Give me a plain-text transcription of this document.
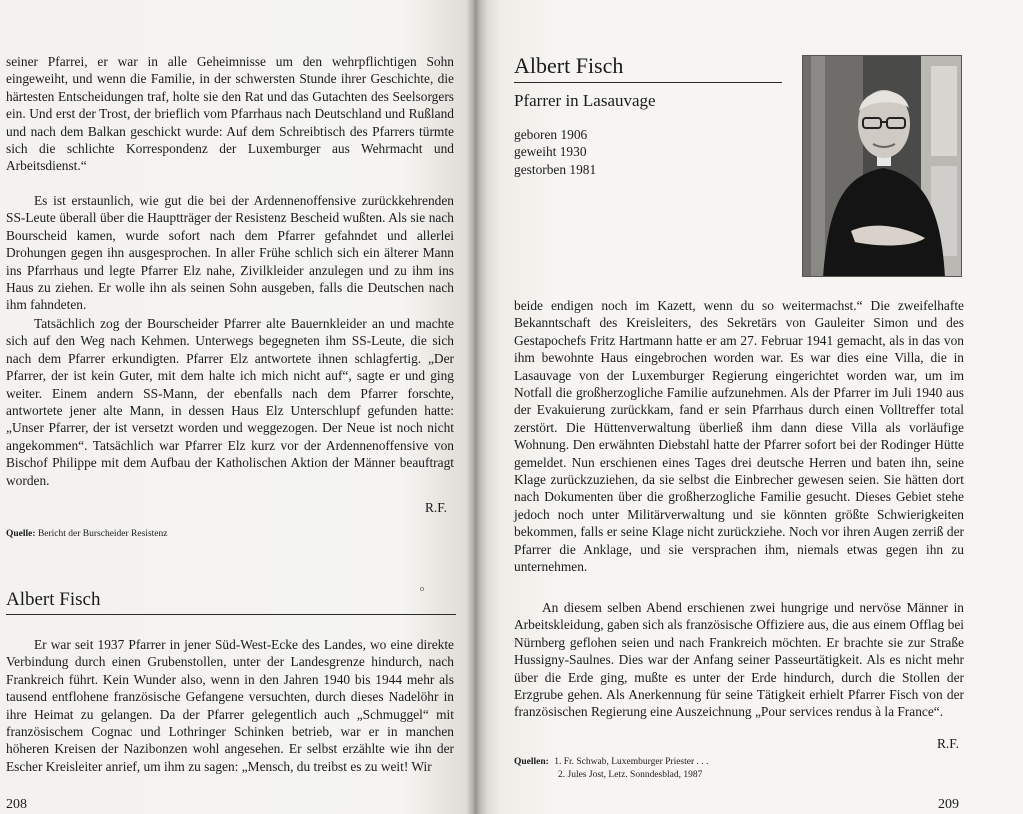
seiner Pfarrei, er war in alle Geheimnisse um den wehrpflichtigen Sohn eingeweiht, und wenn die Familie, in der schwersten Stunde ihrer Geschichte, die härtesten Entscheidungen traf, holte sie den Rat und das Gutachten des Seelsorgers ein. Und erst der Trost, der brieflich vom Pfarrhaus nach Deutschland und Rußland und nach dem Balkan geschickt wurde: Auf dem Schreibtisch des Pfarrers türmte sich die schlichte Korrespondenz der Luxemburger aus Wehrmacht und Arbeitsdienst.“

Es ist erstaunlich, wie gut die bei der Ardennenoffensive zurückkehrenden SS-Leute überall über die Hauptträger der Resistenz Bescheid wußten. Als sie nach Bourscheid kamen, wurde sofort nach dem Pfarrer gefahndet und allerlei Drohungen gegen ihn ausgesprochen. In aller Frühe schlich sich ein älterer Mann ins Pfarrhaus und legte Pfarrer Elz nahe, Zivilkleider anzulegen und zu ihm ins Haus zu ziehen. Er wolle ihn als seinen Sohn ausgeben, falls die Deutschen nach ihm fahndeten.

Tatsächlich zog der Bourscheider Pfarrer alte Bauernkleider an und machte sich auf den Weg nach Kehmen. Unterwegs begegneten ihm SS-Leute, die sich nach dem Pfarrer erkundigten. Pfarrer Elz antwortete ihnen schlagfertig. „Der Pfarrer, der ist kein Guter, mit dem halte ich mich nicht auf“, sagte er und ging weiter. Einem andern SS-Mann, der ebenfalls nach dem Pfarrer forschte, antwortete jener alte Mann, in dessen Haus Elz Unterschlupf gefunden hatte: „Unser Pfarrer, der ist versetzt worden und weggezogen. Der Neue ist noch nicht angekommen“. Tatsächlich war Pfarrer Elz kurz vor der Ardennenoffensive von Bischof Philippe mit dem Aufbau der Katholischen Aktion der Männer beauftragt worden.

R.F.
Quelle: Bericht der Burscheider Resistenz
ᵒ
Albert Fisch

Er war seit 1937 Pfarrer in jener Süd-West-Ecke des Landes, wo eine direkte Verbindung durch einen Grubenstollen, unter der Landesgrenze hindurch, nach Frankreich führt. Kein Wunder also, wenn in den Jahren 1940 bis 1944 mehr als tausend entflohene französische Gefangene versuchten, durch dieses Nadelöhr in ihre Heimat zu gelangen. Da der Pfarrer gelegentlich auch „Schmuggel“ mit französischem Cognac und Lothringer Schinken betrieb, war er in manchen höheren Kreisen der Nazibonzen wohl angesehen. Er selbst erzählte wie ihn der Escher Kreisleiter anrief, um ihm zu sagen: „Mensch, du treibst es zu weit! Wir

208
Albert Fisch
Pfarrer in Lasauvage
geboren 1906
geweiht 1930
gestorben 1981

beide endigen noch im Kazett, wenn du so weitermachst.“ Die zweifelhafte Bekanntschaft des Kreisleiters, des Sekretärs von Gauleiter Simon und des Gestapochefs Fritz Hartmann hatte er am 27. Februar 1941 gemacht, als in das von ihm bewohnte Haus eingebrochen worden war. Es war dies eine Villa, die in Lasauvage von der Luxemburger Regierung eingerichtet worden war, um im Notfall die großherzogliche Familie aufzunehmen. Als der Pfarrer im Juli 1940 aus der Evakuierung zurückkam, fand er sein Pfarrhaus durch einen Volltreffer total zerstört. Die Hüttenverwaltung überließ ihm dann diese Villa als vorläufige Wohnung. Den erwähnten Diebstahl hatte der Pfarrer sofort bei der Rodinger Hütte gemeldet. Nun erschienen eines Tages drei deutsche Herren und baten ihn, seine Klage zurückzuziehen, da sie selbst die Einbrecher gewesen seien. Sie hätten dort nach Dokumenten über die großherzogliche Familie gesucht. Dieses Gebiet stehe jedoch noch unter Militärverwaltung und sie könnten größte Schwierigkeiten bekommen, falls er seine Klage nicht zurückziehe. Noch vor ihren Augen zerriß der Pfarrer die Anklage, und sie versprachen ihm, niemals etwas gegen ihn zu unternehmen.

An diesem selben Abend erschienen zwei hungrige und nervöse Männer in Arbeitskleidung, gaben sich als französische Offiziere aus, die aus einem Offlag bei Nürnberg geflohen seien und nach Frankreich möchten. Er brachte sie zur Straße Hussigny-Saulnes. Dies war der Anfang seiner Passeurtätigkeit. Als es nicht mehr über die Erde ging, mußte es unter der Erde hindurch, durch die Stollen der Erzgrube gehen. Als Anerkennung für seine Tätigkeit erhielt Pfarrer Fisch von der französischen Regierung eine Auszeichnung „Pour services rendus à la France“.

R.F.
Quellen: 1. Fr. Schwab, Luxemburger Priester . . .
2. Jules Jost, Letz. Sonndesblad, 1987
209
